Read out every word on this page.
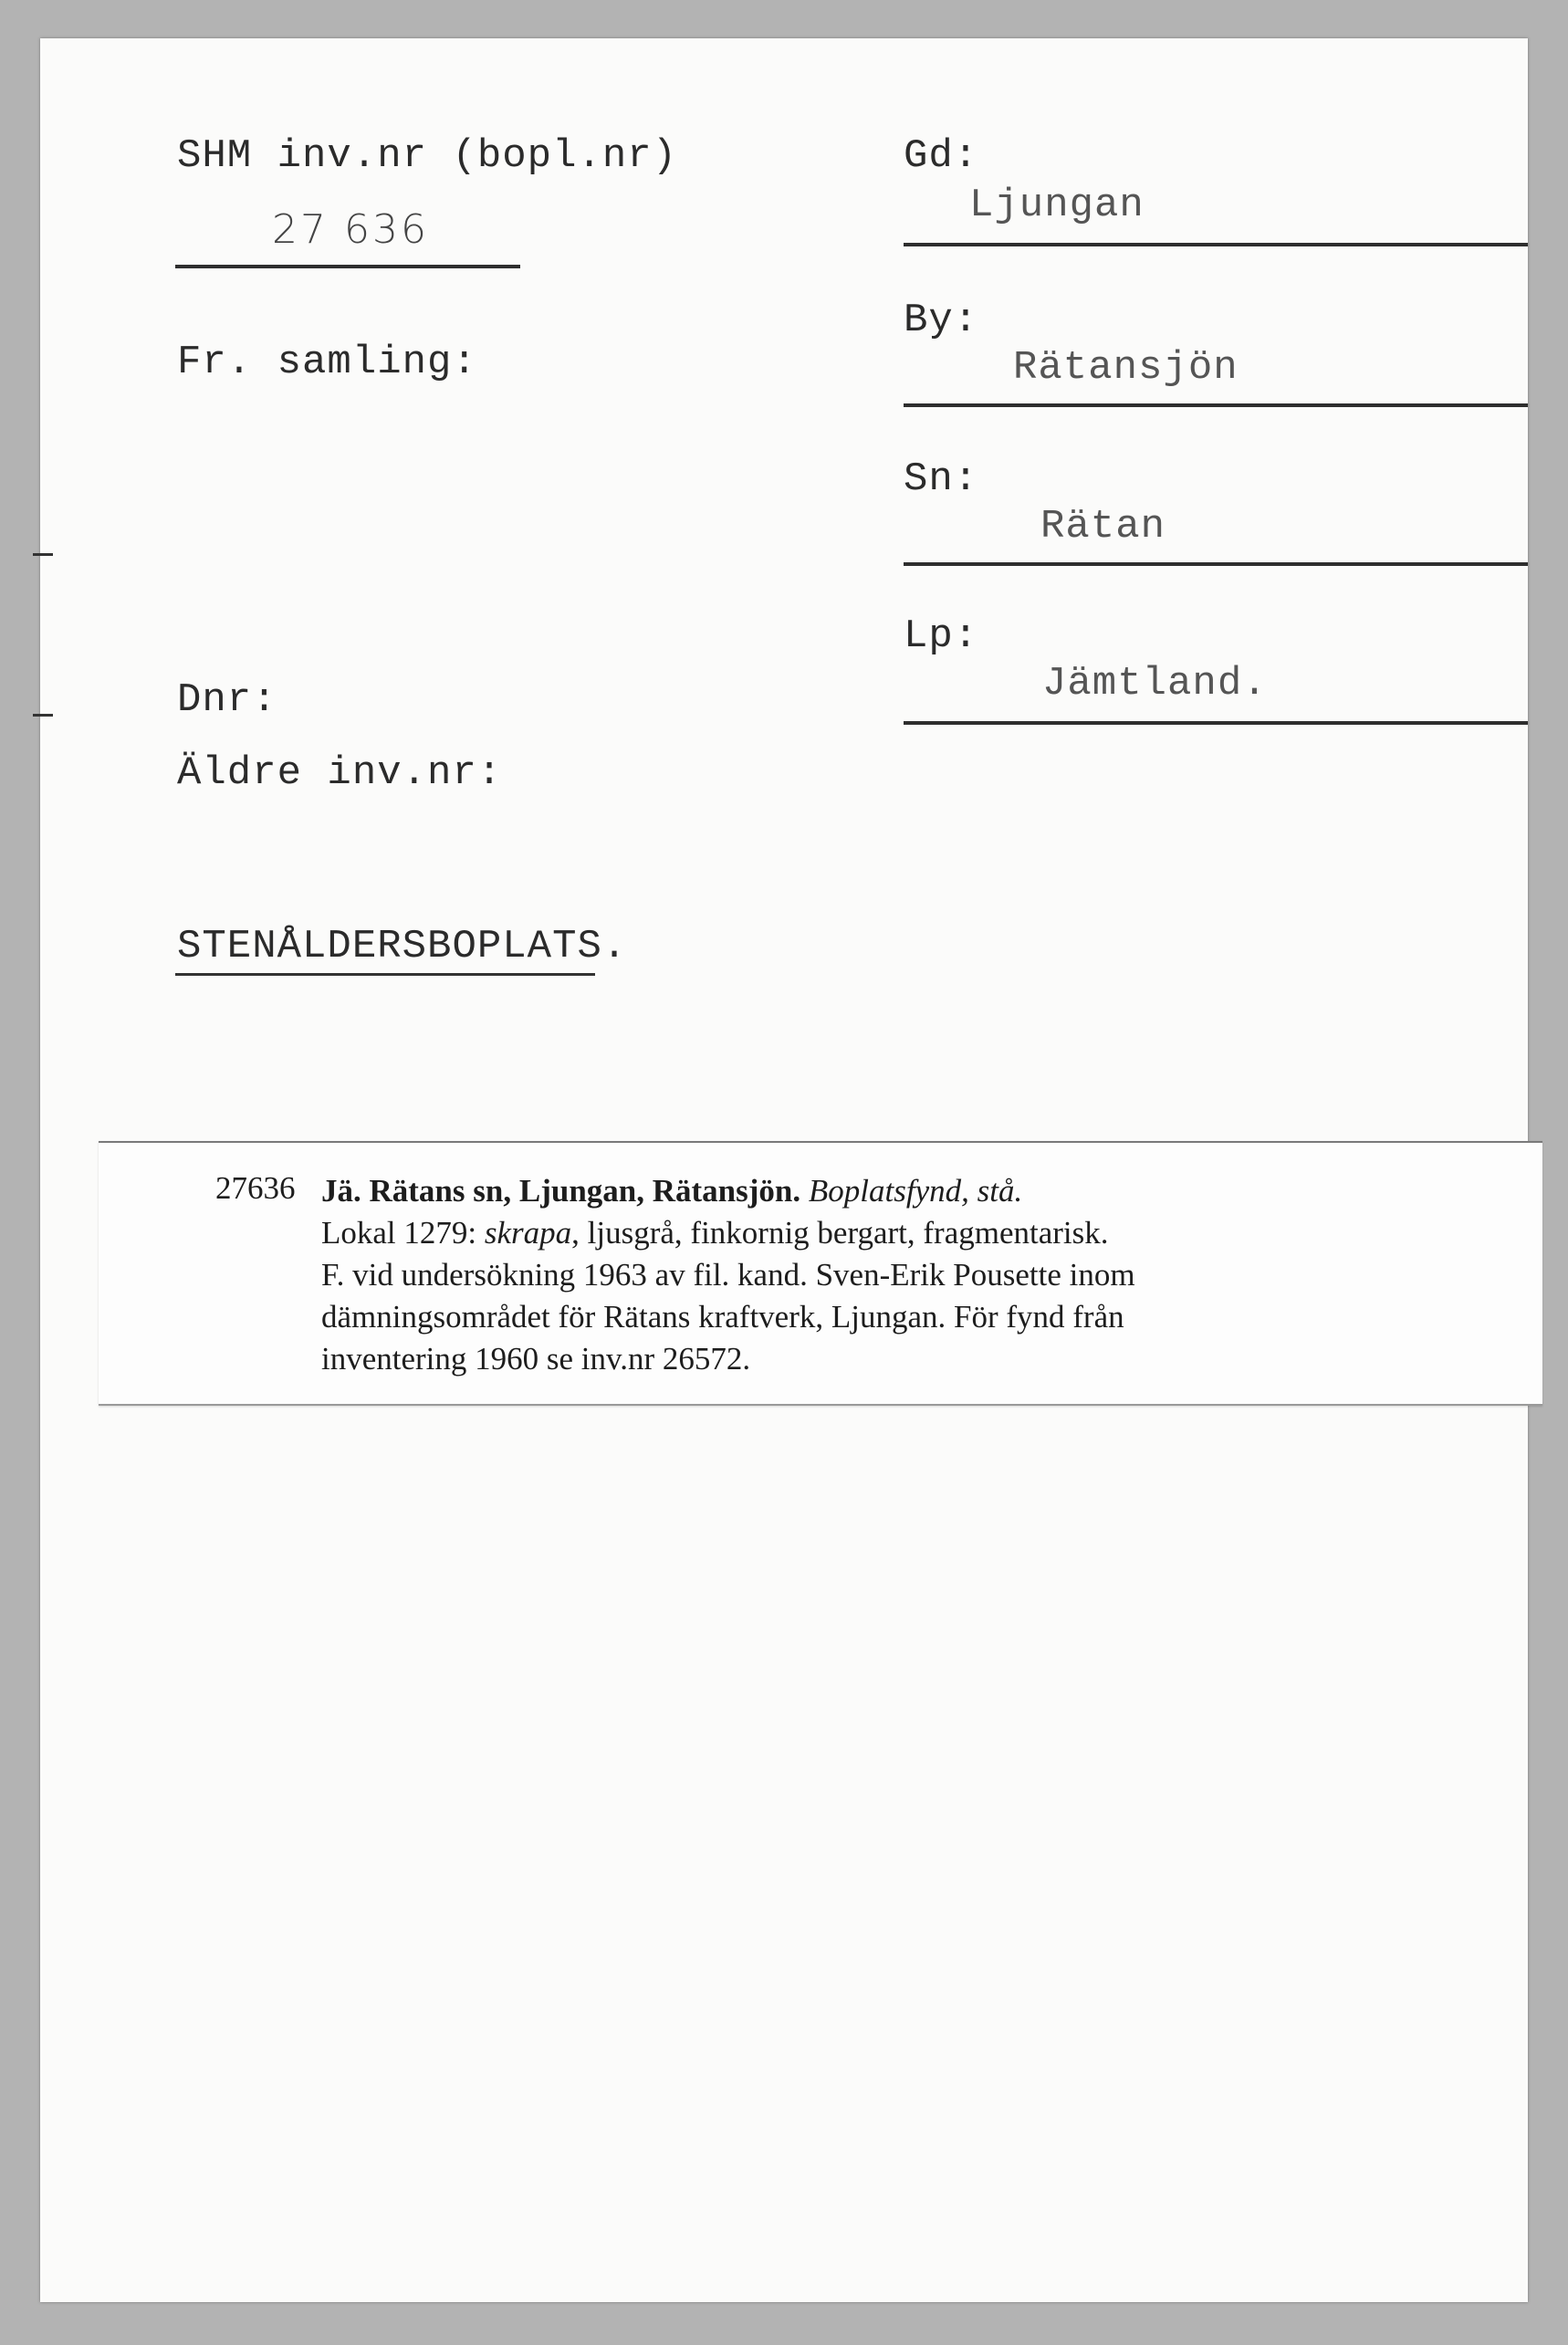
SHM inv.nr (bopl.nr)
27 636
Fr. samling:
Dnr:
Äldre inv.nr:
STENÅLDERSBOPLATS.
Gd:
Ljungan
By:
Rätansjön
Sn:
Rätan
Lp:
Jämtland.
27636 Jä. Rätans sn, Ljungan, Rätansjön. Boplatsfynd, stå.
Lokal 1279: skrapa, ljusgrå, finkornig bergart, fragmentarisk.
F. vid undersökning 1963 av fil. kand. Sven-Erik Pousette inom
dämningsområdet för Rätans kraftverk, Ljungan. För fynd från
inventering 1960 se inv.nr 26572.
